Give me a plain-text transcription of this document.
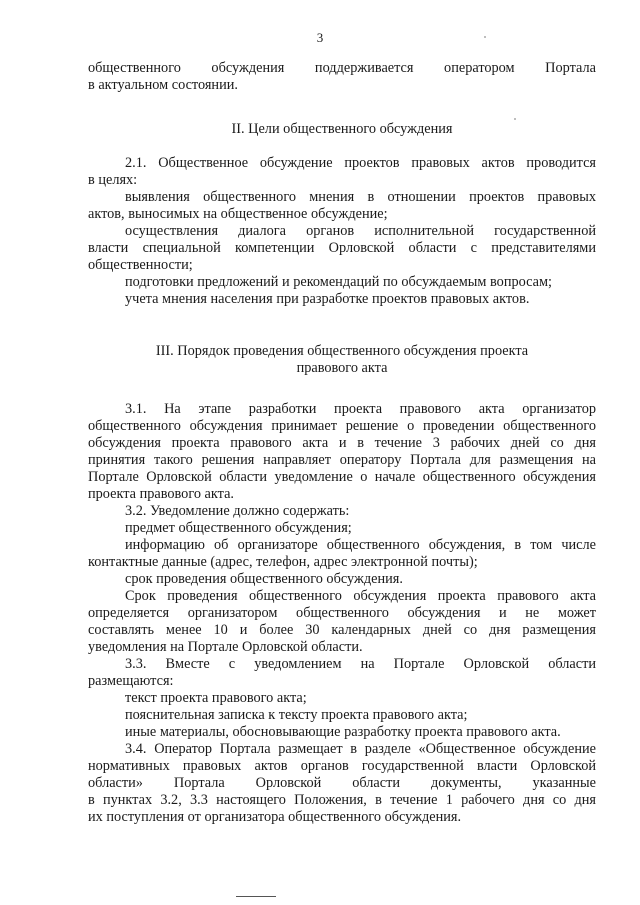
3
общественного обсуждения поддерживается оператором Портала
в актуальном состоянии.
II. Цели общественного обсуждения
2.1. Общественное обсуждение проектов правовых актов проводится
в целях:
выявления общественного мнения в отношении проектов правовых
актов, выносимых на общественное обсуждение;
осуществления диалога органов исполнительной государственной
власти специальной компетенции Орловской области с представителями
общественности;
подготовки предложений и рекомендаций по обсуждаемым вопросам;
учета мнения населения при разработке проектов правовых актов.
III. Порядок проведения общественного обсуждения проекта
правового акта
3.1. На этапе разработки проекта правового акта организатор
общественного обсуждения принимает решение о проведении общественного
обсуждения проекта правового акта и в течение 3 рабочих дней со дня
принятия такого решения направляет оператору Портала для размещения на
Портале Орловской области уведомление о начале общественного обсуждения
проекта правового акта.
3.2. Уведомление должно содержать:
предмет общественного обсуждения;
информацию об организаторе общественного обсуждения, в том числе
контактные данные (адрес, телефон, адрес электронной почты);
срок проведения общественного обсуждения.
Срок проведения общественного обсуждения проекта правового акта
определяется организатором общественного обсуждения и не может
составлять менее 10 и более 30 календарных дней со дня размещения
уведомления на Портале Орловской области.
3.3. Вместе с уведомлением на Портале Орловской области
размещаются:
текст проекта правового акта;
пояснительная записка к тексту проекта правового акта;
иные материалы, обосновывающие разработку проекта правового акта.
3.4. Оператор Портала размещает в разделе «Общественное обсуждение
нормативных правовых актов органов государственной власти Орловской
области» Портала Орловской области документы, указанные
в пунктах 3.2, 3.3 настоящего Положения, в течение 1 рабочего дня со дня
их поступления от организатора общественного обсуждения.
